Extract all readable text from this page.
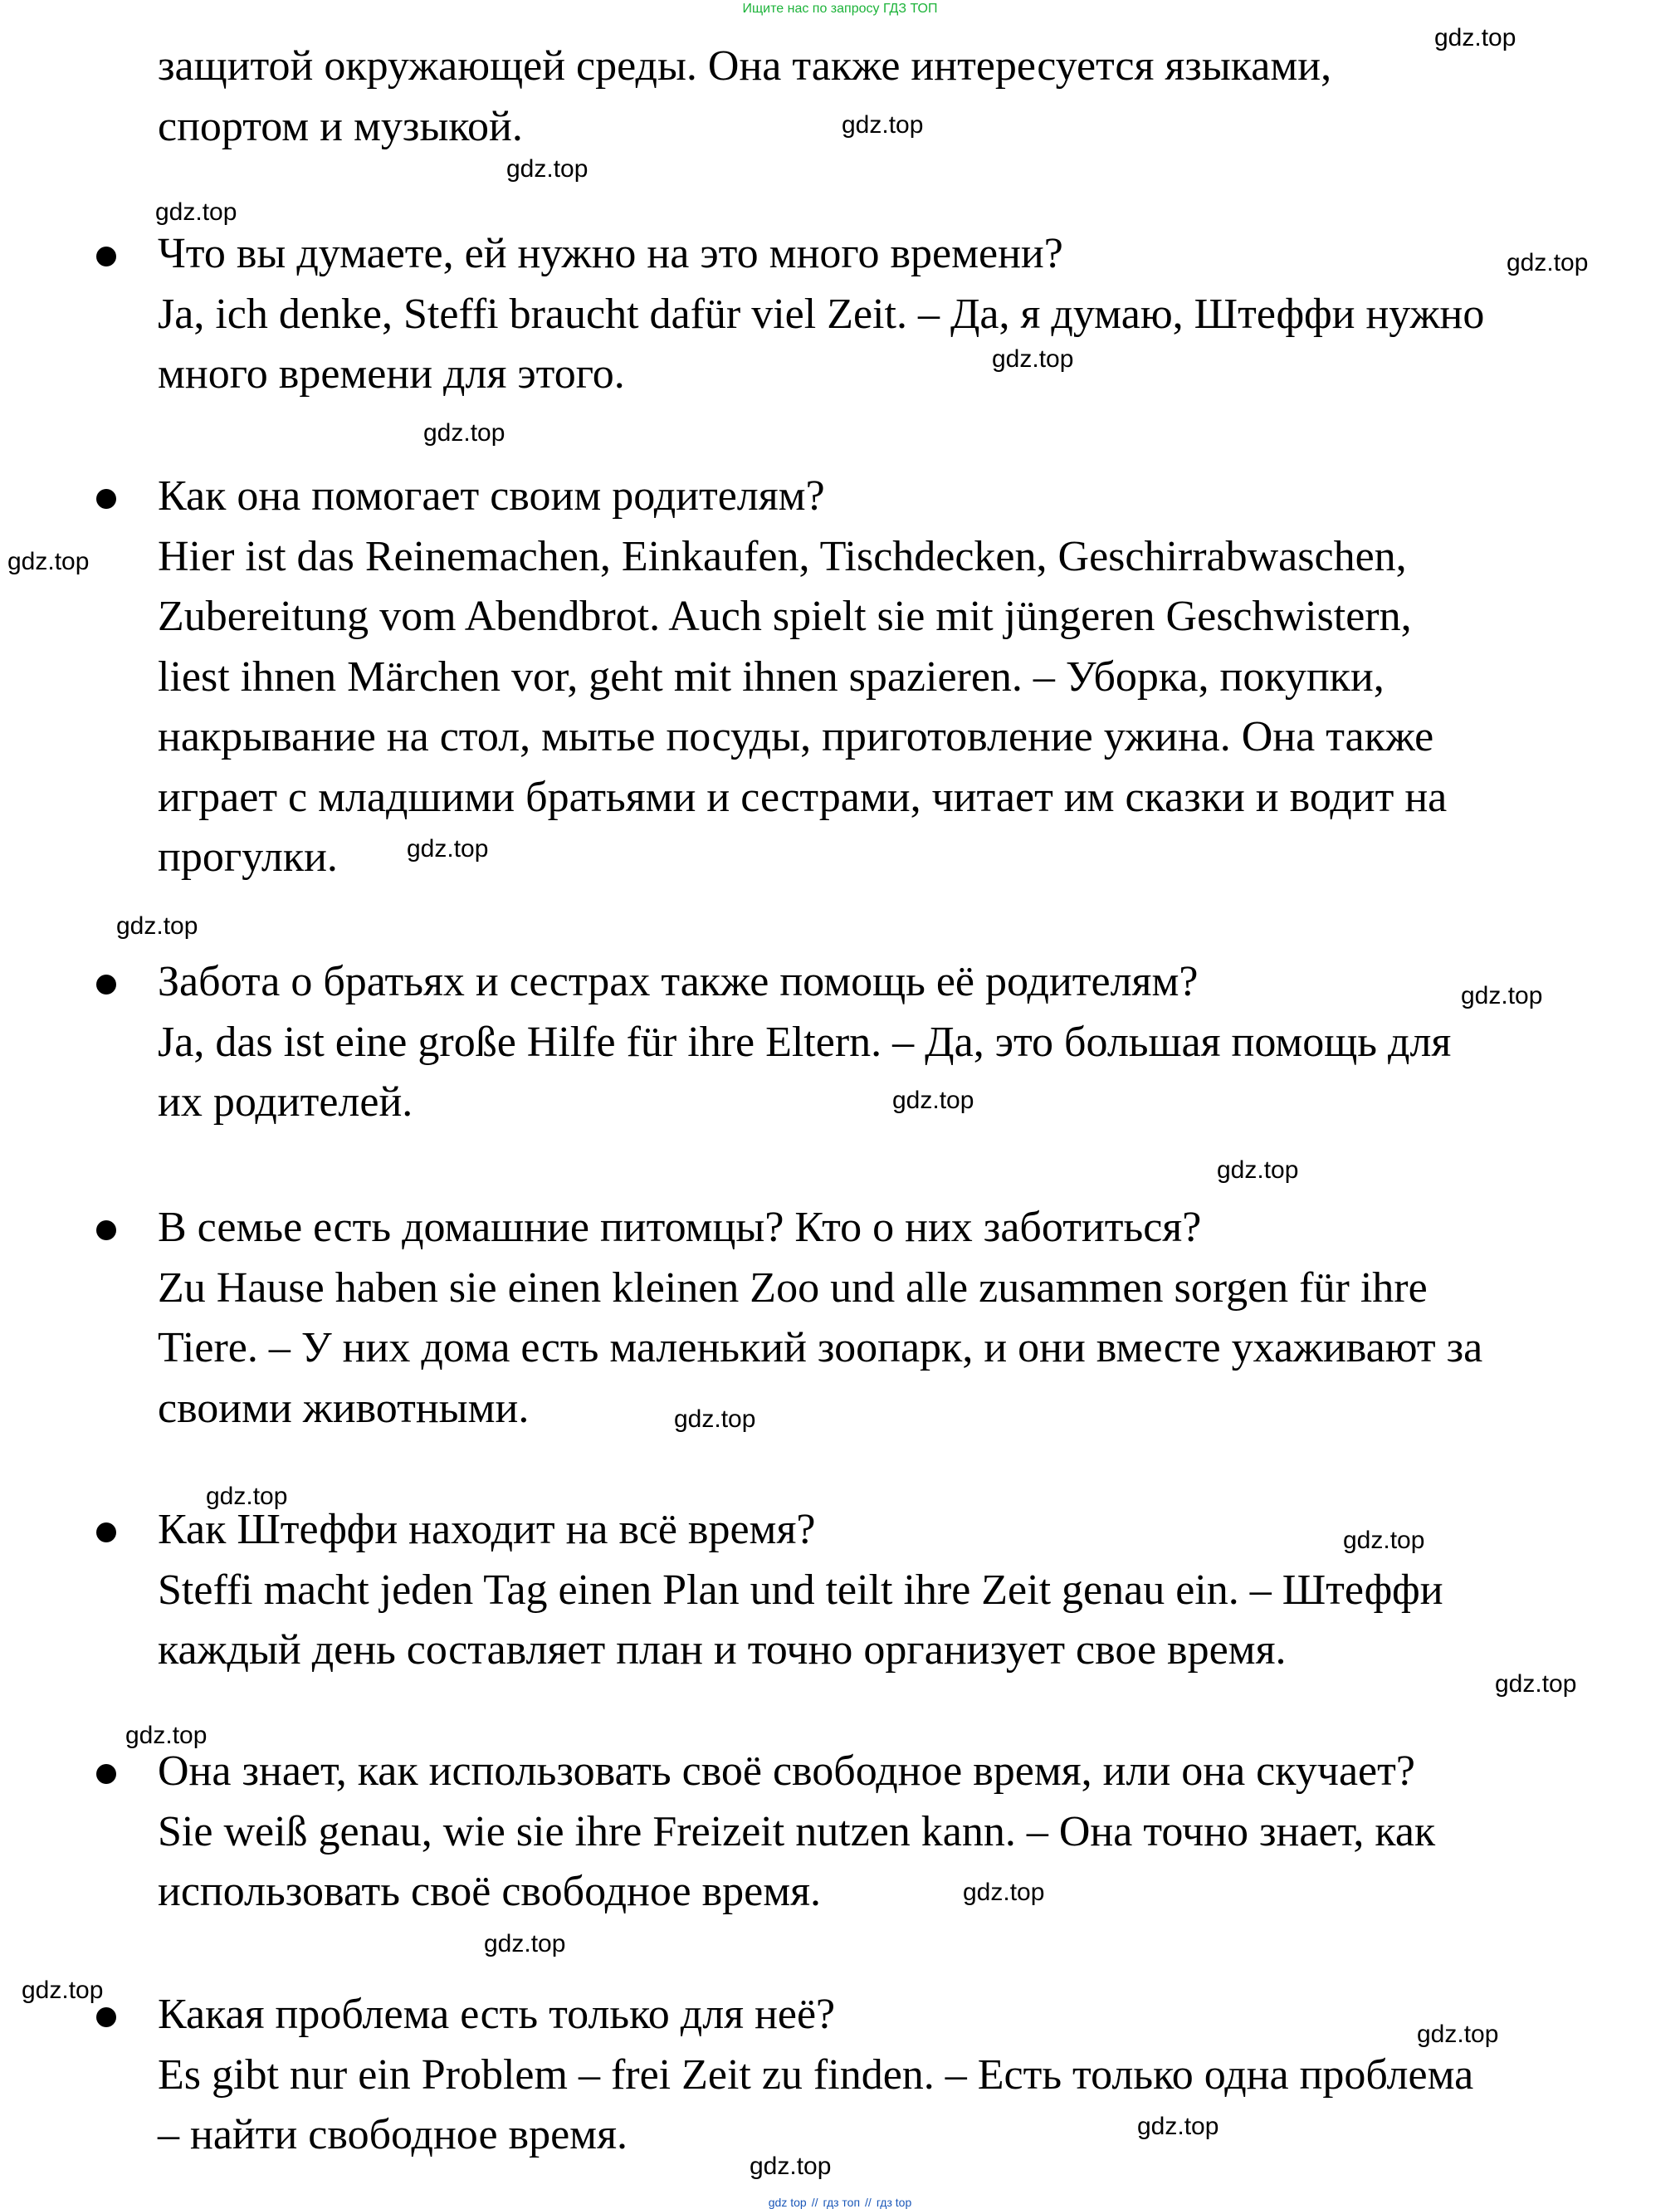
Ищите нас по запросу ГДЗ ТОП
защитой окружающей среды. Она также интересуется языками,
спортом и музыкой.
Что вы думаете, ей нужно на это много времени?
Ja, ich denke, Steffi braucht dafür viel Zeit. – Да, я думаю, Штеффи нужно
много времени для этого.
Как она помогает своим родителям?
Hier ist das Reinemachen, Einkaufen, Tischdecken, Geschirrabwaschen,
Zubereitung vom Abendbrot. Auch spielt sie mit jüngeren Geschwistern,
liest ihnen Märchen vor, geht mit ihnen spazieren. – Уборка, покупки,
накрывание на стол, мытье посуды, приготовление ужина. Она также
играет с младшими братьями и сестрами, читает им сказки и водит на
прогулки.
Забота о братьях и сестрах также помощь её родителям?
Ja, das ist eine große Hilfe für ihre Eltern. – Да, это большая помощь для
их родителей.
В семье есть домашние питомцы? Кто о них заботиться?
Zu Hause haben sie einen kleinen Zoo und alle zusammen sorgen für ihre
Tiere. – У них дома есть маленький зоопарк, и они вместе ухаживают за
своими животными.
Как Штеффи находит на всё время?
Steffi macht jeden Tag einen Plan und teilt ihre Zeit genau ein. – Штеффи
каждый день составляет план и точно организует свое время.
Она знает, как использовать своё свободное время, или она скучает?
Sie weiß genau, wie sie ihre Freizeit nutzen kann. – Она точно знает, как
использовать своё свободное время.
Какая проблема есть только для неё?
Es gibt nur ein Problem – frei Zeit zu finden. – Есть только одна проблема
– найти свободное время.
gdz.top
gdz.top
gdz.top
gdz.top
gdz.top
gdz.top
gdz.top
gdz.top
gdz.top
gdz.top
gdz.top
gdz.top
gdz.top
gdz.top
gdz.top
gdz.top
gdz.top
gdz.top
gdz.top
gdz.top
gdz.top
gdz.top
gdz.top
gdz.top
gdz top // гдз топ // гдз top
